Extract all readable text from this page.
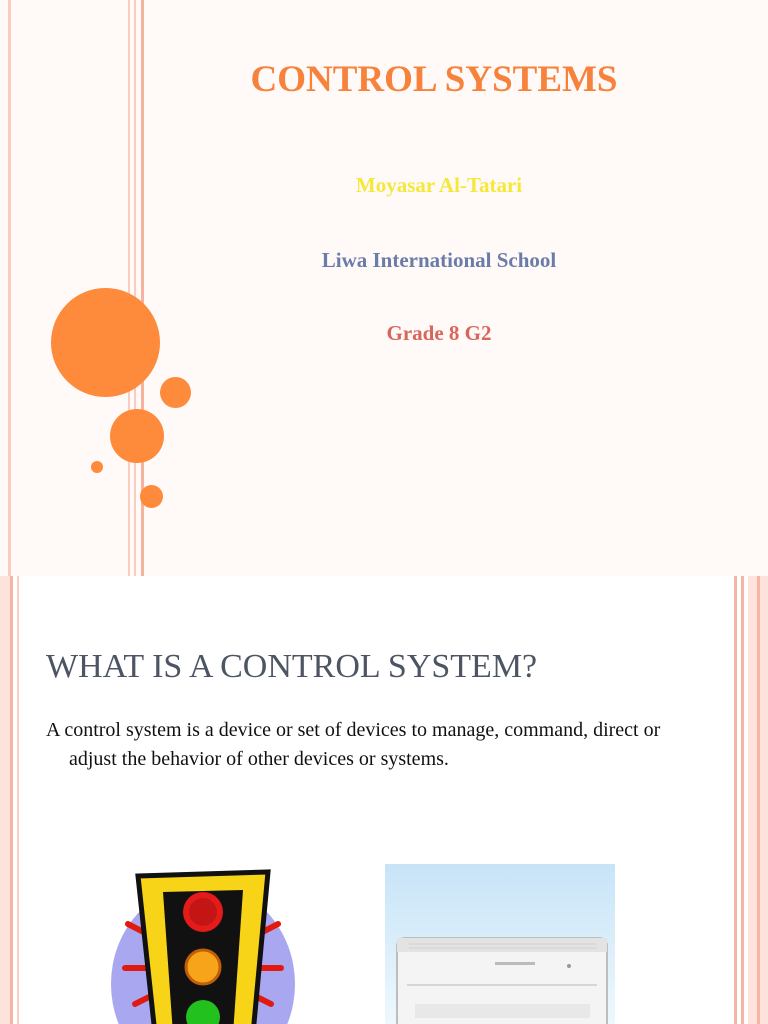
CONTROL SYSTEMS

Moyasar Al-Tatari

Liwa International School

Grade 8 G2

WHAT IS A CONTROL SYSTEM?

A control system is a device or set of devices to manage, command, direct or adjust the behavior of other devices or systems.
